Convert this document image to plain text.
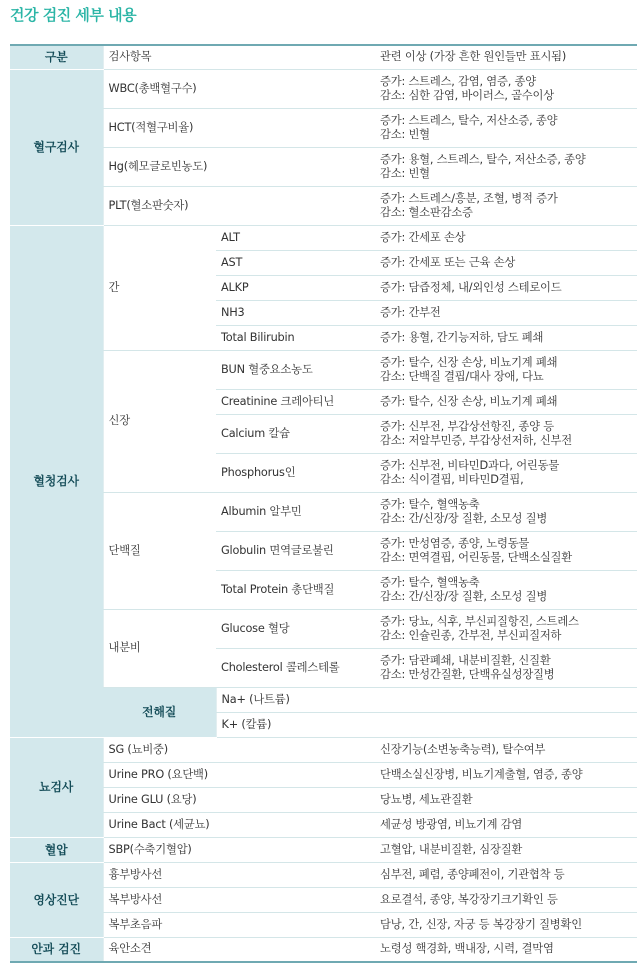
건강 검진 세부 내용
구분	검사항목		관련 이상 (가장 흔한 원인들만 표시됨)	
혈구검사	WBC(총백혈구수)		증가: 스트레스, 감염, 염증, 종양
감소: 심한 감염, 바이러스, 골수이상	

	HCT(적혈구비율)		증가: 스트레스, 탈수, 저산소증, 종양
감소: 빈혈	

	Hg(헤모글로빈농도)		증가: 용혈, 스트레스, 탈수, 저산소증, 종양
감소: 빈혈	

	PLT(혈소판숫자)		증가: 스트레스/흥분, 조혈, 병적 증가
감소: 혈소판감소증	

혈청검사	간	ALT	증가: 간세포 손상	

		AST	증가: 간세포 또는 근육 손상	

		ALKP	증가: 담즙정체, 내/외인성 스테로이드	

		NH3	증가: 간부전	

		Total Bilirubin	증가: 용혈, 간기능저하, 담도 폐쇄	

	신장	BUN 혈중요소농도	증가: 탈수, 신장 손상, 비뇨기계 폐쇄
감소: 단백질 결핍/대사 장애, 다뇨	

		Creatinine 크레아티닌	증가: 탈수, 신장 손상, 비뇨기계 폐쇄	

		Calcium 칼슘	증가: 신부전, 부갑상선항진, 종양 등
감소: 저알부민증, 부갑상선저하, 신부전	

		Phosphorus인	증가: 신부전, 비타민D과다, 어린동물
감소: 식이결핍, 비타민D결핍,	

	단백질	Albumin 알부민	증가: 탈수, 혈액농축
감소: 간/신장/장 질환, 소모성 질병	

		Globulin 면역글로불린	증가: 만성염증, 종양, 노령동물
감소: 면역결핍, 어린동물, 단백소실질환	

		Total Protein 총단백질	증가: 탈수, 혈액농축
감소: 간/신장/장 질환, 소모성 질병	

	내분비	Glucose 혈당	증가: 당뇨, 식후, 부신피질항진, 스트레스
감소: 인슐린종, 간부전, 부신피질저하	

		Cholesterol 콜레스테롤	증가: 담관폐쇄, 내분비질환, 신질환
감소: 만성간질환, 단백유실성장질병	

	전해질	Na+ (나트륨)	

		K+ (칼륨)	

뇨검사	SG (뇨비중)		신장기능(소변농축능력), 탈수여부	

	Urine PRO (요단백)		단백소실신장병, 비뇨기계출혈, 염증, 종양	

	Urine GLU (요당)		당뇨병, 세뇨관질환	

	Urine Bact (세균뇨)		세균성 방광염, 비뇨기계 감염	

혈압	SBP(수축기혈압)		고혈압, 내분비질환, 심장질환	

영상진단	흉부방사선		심부전, 폐렴, 종양폐전이, 기관협착 등	

	복부방사선		요로결석, 종양, 복강장기크기확인 등	

	복부초음파		담낭, 간, 신장, 자궁 등 복강장기 질병확인	

안과 검진	육안소견		노령성 핵경화, 백내장, 시력, 결막염	
